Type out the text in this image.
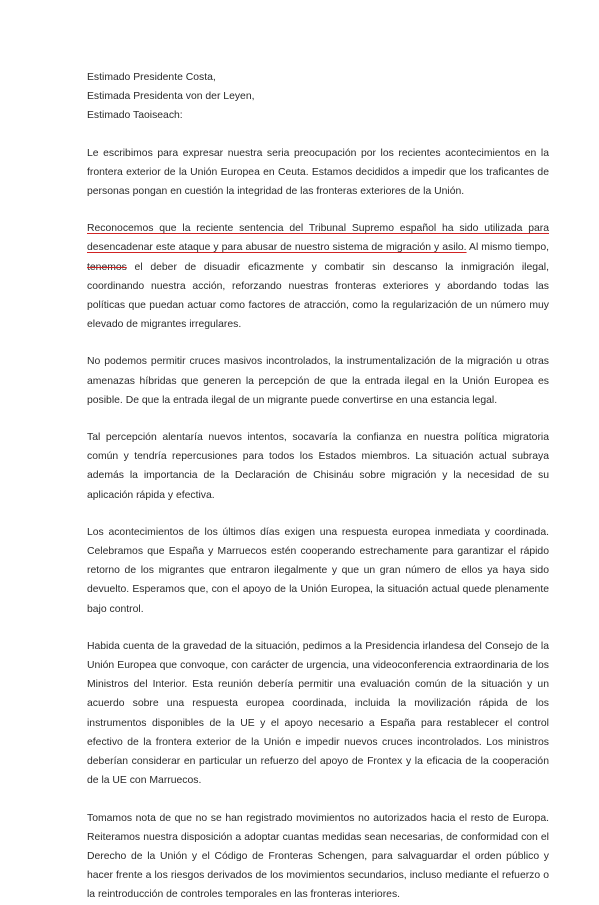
Estimado Presidente Costa,

Estimada Presidenta von der Leyen,

Estimado Taoiseach:

Le escribimos para expresar nuestra seria preocupación por los recientes acontecimientos en la frontera exterior de la Unión Europea en Ceuta. Estamos decididos a impedir que los traficantes de personas pongan en cuestión la integridad de las fronteras exteriores de la Unión.

Reconocemos que la reciente sentencia del Tribunal Supremo español ha sido utilizada para desencadenar este ataque y para abusar de nuestro sistema de migración y asilo. Al mismo tiempo, tenemos el deber de disuadir eficazmente y combatir sin descanso la inmigración ilegal, coordinando nuestra acción, reforzando nuestras fronteras exteriores y abordando todas las políticas que puedan actuar como factores de atracción, como la regularización de un número muy elevado de migrantes irregulares.

No podemos permitir cruces masivos incontrolados, la instrumentalización de la migración u otras amenazas híbridas que generen la percepción de que la entrada ilegal en la Unión Europea es posible. De que la entrada ilegal de un migrante puede convertirse en una estancia legal.

Tal percepción alentaría nuevos intentos, socavaría la confianza en nuestra política migratoria común y tendría repercusiones para todos los Estados miembros. La situación actual subraya además la importancia de la Declaración de Chisináu sobre migración y la necesidad de su aplicación rápida y efectiva.

Los acontecimientos de los últimos días exigen una respuesta europea inmediata y coordinada. Celebramos que España y Marruecos estén cooperando estrechamente para garantizar el rápido retorno de los migrantes que entraron ilegalmente y que un gran número de ellos ya haya sido devuelto. Esperamos que, con el apoyo de la Unión Europea, la situación actual quede plenamente bajo control.

Habida cuenta de la gravedad de la situación, pedimos a la Presidencia irlandesa del Consejo de la Unión Europea que convoque, con carácter de urgencia, una videoconferencia extraordinaria de los Ministros del Interior. Esta reunión debería permitir una evaluación común de la situación y un acuerdo sobre una respuesta europea coordinada, incluida la movilización rápida de los instrumentos disponibles de la UE y el apoyo necesario a España para restablecer el control efectivo de la frontera exterior de la Unión e impedir nuevos cruces incontrolados. Los ministros deberían considerar en particular un refuerzo del apoyo de Frontex y la eficacia de la cooperación de la UE con Marruecos.

Tomamos nota de que no se han registrado movimientos no autorizados hacia el resto de Europa. Reiteramos nuestra disposición a adoptar cuantas medidas sean necesarias, de conformidad con el Derecho de la Unión y el Código de Fronteras Schengen, para salvaguardar el orden público y hacer frente a los riesgos derivados de los movimientos secundarios, incluso mediante el refuerzo o la reintroducción de controles temporales en las fronteras interiores.
